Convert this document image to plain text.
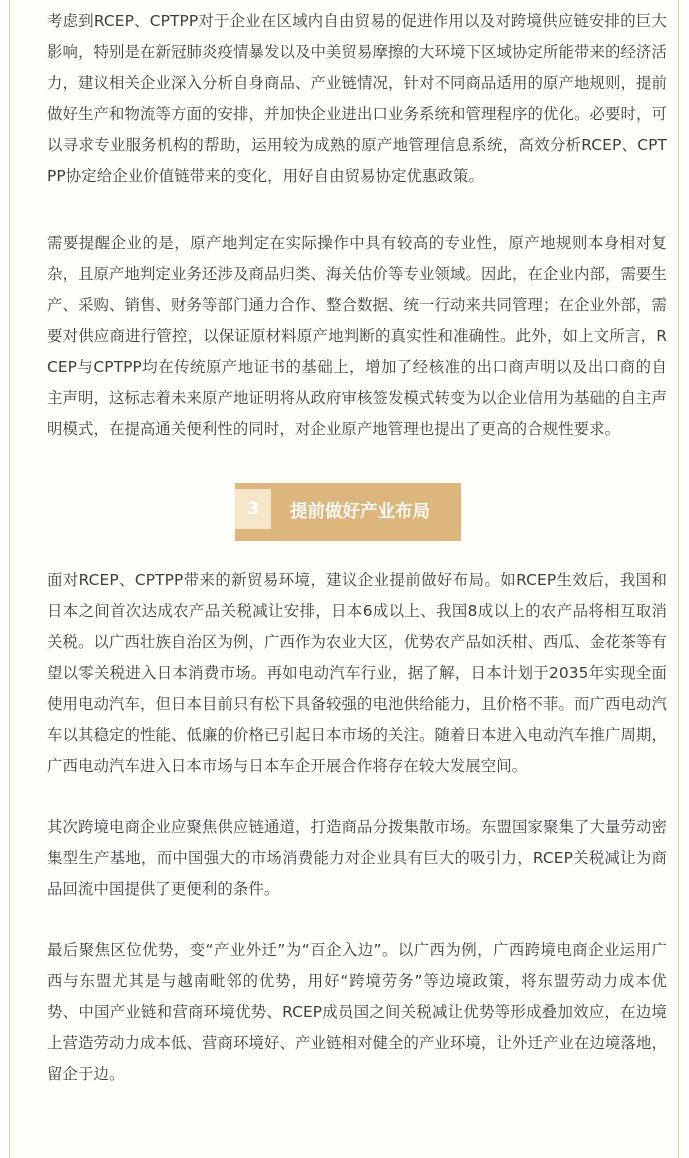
考虑到RCEP、CPTPP对于企业在区域内自由贸易的促进作用以及对跨境供应链安排的巨大影响，特别是在新冠肺炎疫情暴发以及中美贸易摩擦的大环境下区域协定所能带来的经济活力，建议相关企业深入分析自身商品、产业链情况，针对不同商品适用的原产地规则，提前做好生产和物流等方面的安排，并加快企业进出口业务系统和管理程序的优化。必要时，可以寻求专业服务机构的帮助，运用较为成熟的原产地管理信息系统，高效分析RCEP、CPTPP协定给企业价值链带来的变化，用好自由贸易协定优惠政策。

需要提醒企业的是，原产地判定在实际操作中具有较高的专业性，原产地规则本身相对复杂，且原产地判定业务还涉及商品归类、海关估价等专业领域。因此，在企业内部，需要生产、采购、销售、财务等部门通力合作、整合数据、统一行动来共同管理；在企业外部，需要对供应商进行管控，以保证原材料原产地判断的真实性和准确性。此外，如上文所言，RCEP与CPTPP均在传统原产地证书的基础上，增加了经核准的出口商声明以及出口商的自主声明，这标志着未来原产地证明将从政府审核签发模式转变为以企业信用为基础的自主声明模式，在提高通关便利性的同时，对企业原产地管理也提出了更高的合规性要求。

3	提前做好产业布局

面对RCEP、CPTPP带来的新贸易环境，建议企业提前做好布局。如RCEP生效后，我国和日本之间首次达成农产品关税减让安排，日本6成以上、我国8成以上的农产品将相互取消关税。以广西壮族自治区为例，广西作为农业大区，优势农产品如沃柑、西瓜、金花茶等有望以零关税进入日本消费市场。再如电动汽车行业，据了解，日本计划于2035年实现全面使用电动汽车，但日本目前只有松下具备较强的电池供给能力，且价格不菲。而广西电动汽车以其稳定的性能、低廉的价格已引起日本市场的关注。随着日本进入电动汽车推广周期，广西电动汽车进入日本市场与日本车企开展合作将存在较大发展空间。

其次跨境电商企业应聚焦供应链通道，打造商品分拨集散市场。东盟国家聚集了大量劳动密集型生产基地，而中国强大的市场消费能力对企业具有巨大的吸引力，RCEP关税减让为商品回流中国提供了更便利的条件。

最后聚焦区位优势，变“产业外迁”为“百企入边”。以广西为例，广西跨境电商企业运用广西与东盟尤其是与越南毗邻的优势，用好“跨境劳务”等边境政策，将东盟劳动力成本优势、中国产业链和营商环境优势、RCEP成员国之间关税减让优势等形成叠加效应，在边境上营造劳动力成本低、营商环境好、产业链相对健全的产业环境，让外迁产业在边境落地，留企于边。
